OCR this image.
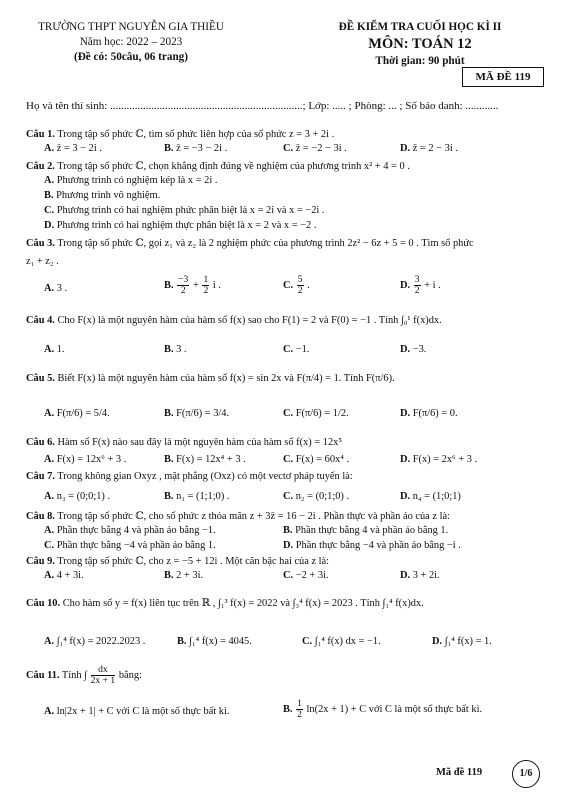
TRƯỜNG THPT NGUYỄN GIA THIỀU
Năm học: 2022 – 2023
(Đề có: 50câu, 06 trang)
ĐỀ KIỂM TRA CUỐI HỌC KÌ II
MÔN: TOÁN 12
Thời gian: 90 phút
MÃ ĐỀ 119
Họ và tên thí sinh: ......................................................................; Lớp: ..... ; Phòng: ... ; Số báo danh: ............
Câu 1. Trong tập số phức ℂ, tìm số phức liên hợp của số phức z = 3 + 2i .
A. z̄ = 3 − 2i .	B. z̄ = −3 − 2i .	C. z̄ = −2 − 3i .	D. z̄ = 2 − 3i .
Câu 2. Trong tập số phức ℂ, chọn khẳng định đúng về nghiệm của phương trình x² + 4 = 0 .
A. Phương trình có nghiệm kép là x = 2i .
B. Phương trình vô nghiệm.
C. Phương trình có hai nghiệm phức phân biệt là x = 2i và x = −2i .
D. Phương trình có hai nghiệm thực phân biệt là x = 2 và x = −2 .
Câu 3. Trong tập số phức ℂ, gọi z₁ và z₂ là 2 nghiệm phức của phương trình 2z² − 6z + 5 = 0 . Tìm số phức
z₁ + z₂ .
A. 3 .	B. $\frac{-3}{2} + \frac{1}{2}$ i .	C. $\frac{5}{2}$ .	D. $\frac{3}{2} + i$ .
Câu 4. Cho F(x) là một nguyên hàm của hàm số f(x) sao cho F(1) = 2 và F(0) = −1 . Tính ∫₀¹ f(x)dx.
A. 1.	B. 3 .	C. −1.	D. −3.
Câu 5. Biết F(x) là một nguyên hàm của hàm số f(x) = sin 2x và F(π/4) = 1. Tính F(π/6).
A. F(π/6) = 5/4.	B. F(π/6) = 3/4.	C. F(π/6) = 1/2.	D. F(π/6) = 0.
Câu 6. Hàm số F(x) nào sau đây là một nguyên hàm của hàm số f(x) = 12x⁵
A. F(x) = 12x⁶ + 3 .	B. F(x) = 12x⁴ + 3 .	C. F(x) = 60x⁴ .	D. F(x) = 2x⁶ + 3 .
Câu 7. Trong không gian Oxyz , mặt phẳng (Oxz) có một vectơ pháp tuyến là:
A. n₃ = (0;0;1) .	B. n₁ = (1;1;0) .	C. n₂ = (0;1;0) .	D. n₄ = (1;0;1)
Câu 8. Trong tập số phức ℂ, cho số phức z thỏa mãn z + 3z̄ = 16 − 2i . Phần thực và phần ảo của z là:
A. Phần thực bằng 4 và phần ảo bằng −1.	B. Phần thực bằng 4 và phần ảo bằng 1.
C. Phần thực bằng −4 và phần ảo bằng 1.	D. Phần thực bằng −4 và phần ảo bằng −i .
Câu 9. Trong tập số phức ℂ, cho z = −5 + 12i . Một căn bậc hai của z là:
A. 4 + 3i.	B. 2 + 3i.	C. −2 + 3i.	D. 3 + 2i.
Câu 10. Cho hàm số y = f(x) liên tục trên ℝ , ∫₁³ f(x) = 2022 và ∫₃⁴ f(x) = 2023 . Tính ∫₁⁴ f(x)dx.
A. ∫₁⁴ f(x) = 2022.2023 .	B. ∫₁⁴ f(x) = 4045.	C. ∫₁⁴ f(x) dx = −1.	D. ∫₁⁴ f(x) = 1.
Câu 11. Tính ∫ $\frac{dx}{2x + 1}$ bằng:
A. ln|2x + 1| + C với C là một số thực bất kì.	B. $\frac{1}{2} \ln(2x + 1) + C$ với C là một số thực bất kì.
Mã đề 119	1/6
